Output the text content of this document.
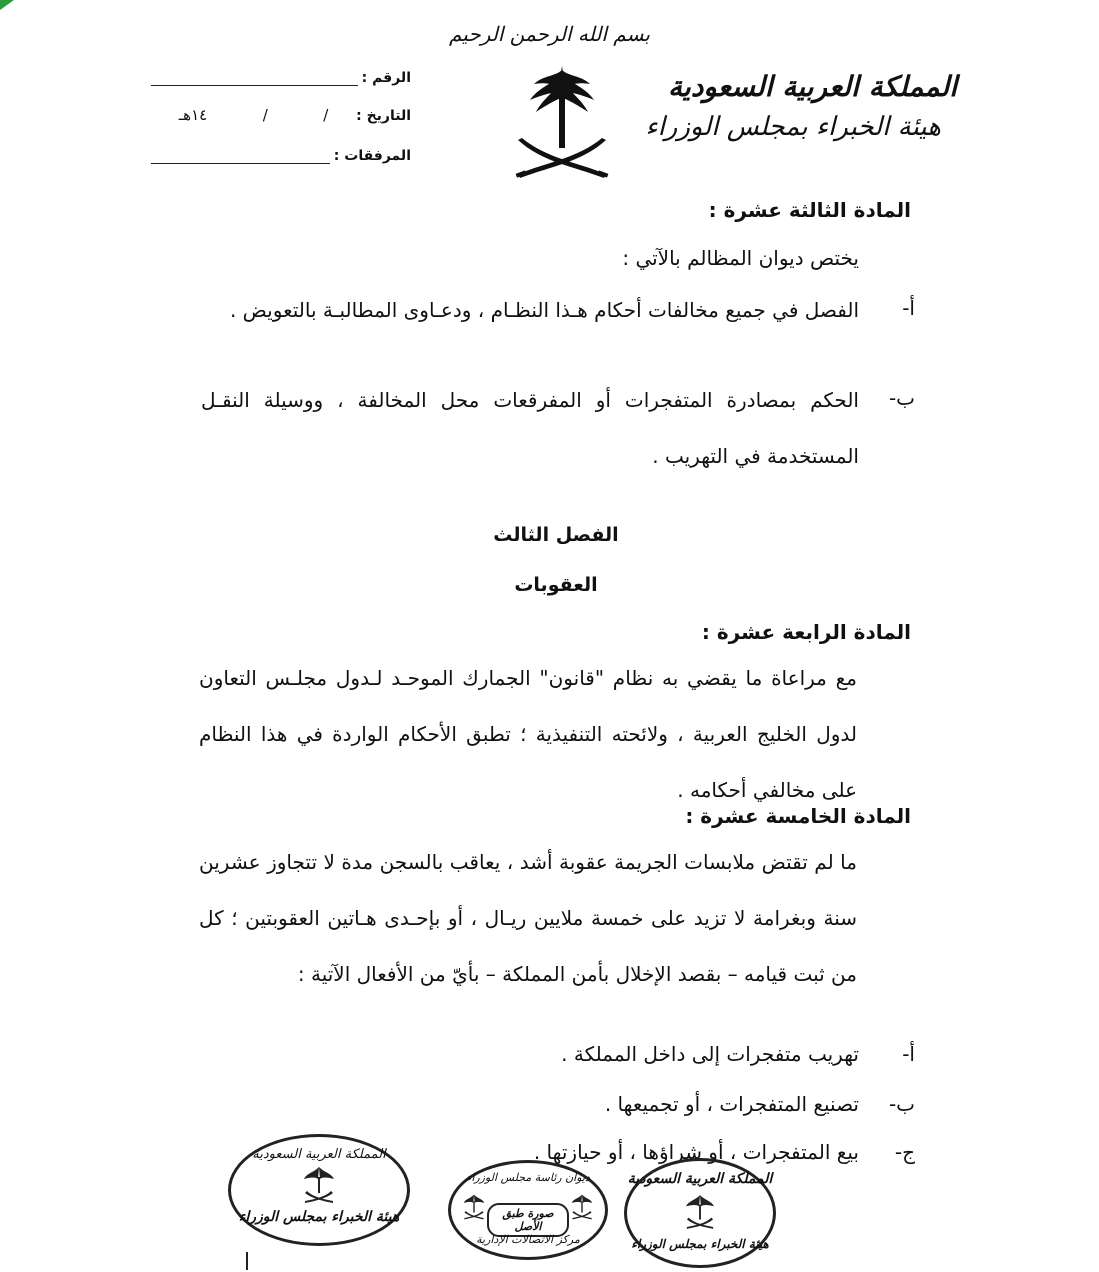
بسم الله الرحمن الرحيم
المملكة العربية السعودية
هيئة الخبراء بمجلس الوزراء
الرقم :
التاريخ :
/
/
١٤هـ
المرفقات :
المادة الثالثة عشرة :
يختص ديوان المظالم بالآتي :
أ-
الفصل في جميع مخالفات أحكام هـذا النظـام ، ودعـاوى المطالبـة بالتعويض .
ب-
الحكم بمصادرة المتفجرات أو المفرقعات محل المخالفة ، ووسيلة النقـل المستخدمة في التهريب .
الفصل الثالث
العقوبات
المادة الرابعة عشرة :
مع مراعاة ما يقضي به نظام "قانون" الجمارك الموحـد لـدول مجلـس التعاون لدول الخليج العربية ، ولائحته التنفيذية ؛ تطبق الأحكام الواردة في هذا النظام على مخالفي أحكامه .
المادة الخامسة عشرة :
ما لم تقتض ملابسات الجريمة عقوبة أشد ، يعاقب بالسجن مدة لا تتجاوز عشرين سنة وبغرامة لا تزيد على خمسة ملايين ريـال ، أو بإحـدى هـاتين العقوبتين ؛ كل من ثبت قيامه – بقصد الإخلال بأمن المملكة – بأيّ من الأفعال الآتية :
أ-
تهريب متفجرات إلى داخل المملكة .
ب-
تصنيع المتفجرات ، أو تجميعها .
ج-
بيع المتفجرات ، أو شراؤها ، أو حيازتها .
المملكة العربية السعودية
هيئة الخبراء بمجلس الوزراء
ديوان رئاسة مجلس الوزراء
صورة طبق الأصل
مركز الاتصالات الإدارية
المملكة العربية السعودية
هيئة الخبراء بمجلس الوزراء
